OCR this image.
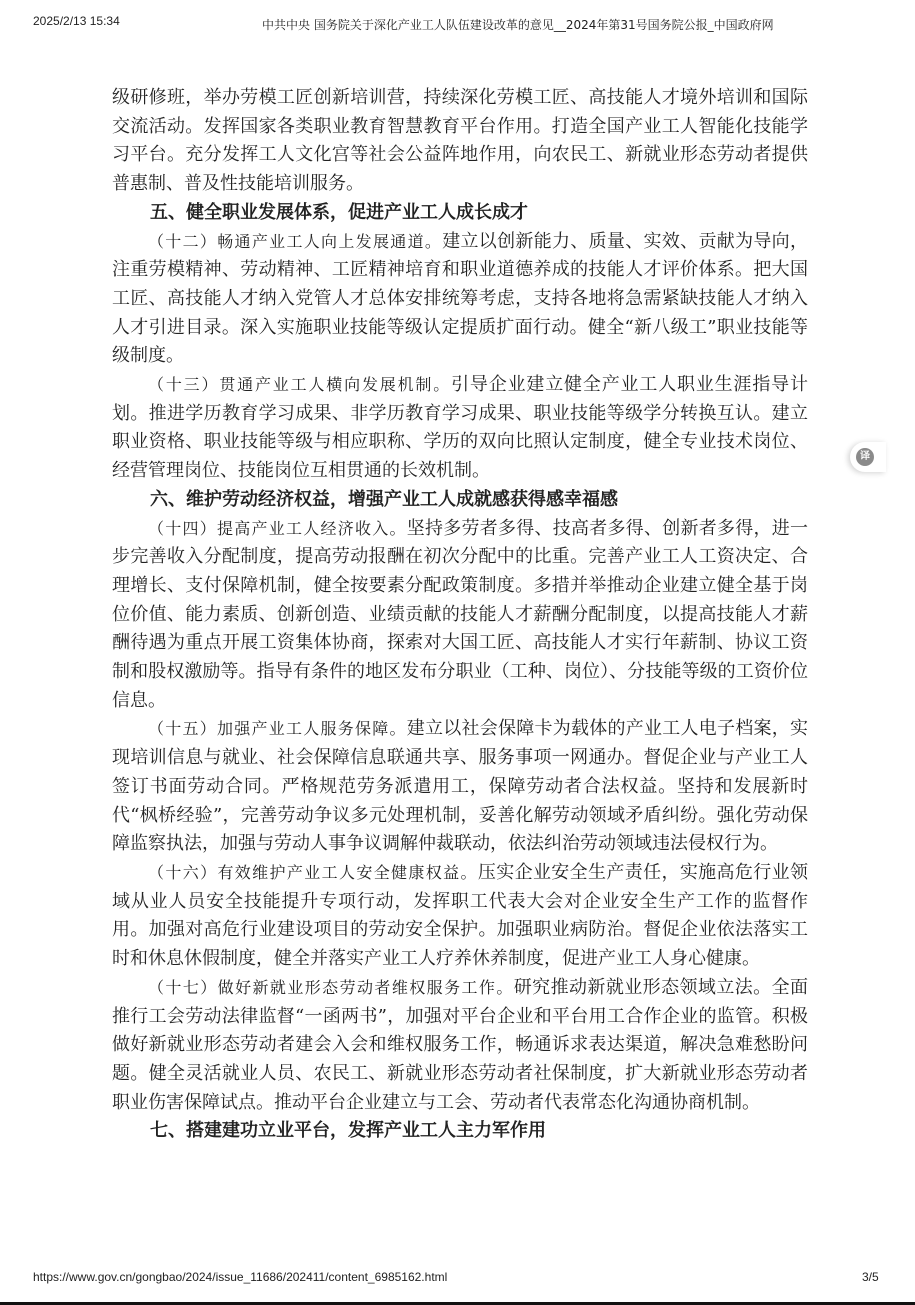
2025/2/13 15:34	中共中央 国务院关于深化产业工人队伍建设改革的意见__2024年第31号国务院公报_中国政府网

级研修班，举办劳模工匠创新培训营，持续深化劳模工匠、高技能人才境外培训和国际交流活动。发挥国家各类职业教育智慧教育平台作用。打造全国产业工人智能化技能学习平台。充分发挥工人文化宫等社会公益阵地作用，向农民工、新就业形态劳动者提供普惠制、普及性技能培训服务。

五、健全职业发展体系，促进产业工人成长成才

（十二）畅通产业工人向上发展通道。建立以创新能力、质量、实效、贡献为导向，注重劳模精神、劳动精神、工匠精神培育和职业道德养成的技能人才评价体系。把大国工匠、高技能人才纳入党管人才总体安排统筹考虑，支持各地将急需紧缺技能人才纳入人才引进目录。深入实施职业技能等级认定提质扩面行动。健全“新八级工”职业技能等级制度。

（十三）贯通产业工人横向发展机制。引导企业建立健全产业工人职业生涯指导计划。推进学历教育学习成果、非学历教育学习成果、职业技能等级学分转换互认。建立职业资格、职业技能等级与相应职称、学历的双向比照认定制度，健全专业技术岗位、经营管理岗位、技能岗位互相贯通的长效机制。

六、维护劳动经济权益，增强产业工人成就感获得感幸福感

（十四）提高产业工人经济收入。坚持多劳者多得、技高者多得、创新者多得，进一步完善收入分配制度，提高劳动报酬在初次分配中的比重。完善产业工人工资决定、合理增长、支付保障机制，健全按要素分配政策制度。多措并举推动企业建立健全基于岗位价值、能力素质、创新创造、业绩贡献的技能人才薪酬分配制度，以提高技能人才薪酬待遇为重点开展工资集体协商，探索对大国工匠、高技能人才实行年薪制、协议工资制和股权激励等。指导有条件的地区发布分职业（工种、岗位）、分技能等级的工资价位信息。

（十五）加强产业工人服务保障。建立以社会保障卡为载体的产业工人电子档案，实现培训信息与就业、社会保障信息联通共享、服务事项一网通办。督促企业与产业工人签订书面劳动合同。严格规范劳务派遣用工，保障劳动者合法权益。坚持和发展新时代“枫桥经验”，完善劳动争议多元处理机制，妥善化解劳动领域矛盾纠纷。强化劳动保障监察执法，加强与劳动人事争议调解仲裁联动，依法纠治劳动领域违法侵权行为。

（十六）有效维护产业工人安全健康权益。压实企业安全生产责任，实施高危行业领域从业人员安全技能提升专项行动，发挥职工代表大会对企业安全生产工作的监督作用。加强对高危行业建设项目的劳动安全保护。加强职业病防治。督促企业依法落实工时和休息休假制度，健全并落实产业工人疗养休养制度，促进产业工人身心健康。

（十七）做好新就业形态劳动者维权服务工作。研究推动新就业形态领域立法。全面推行工会劳动法律监督“一函两书”，加强对平台企业和平台用工合作企业的监管。积极做好新就业形态劳动者建会入会和维权服务工作，畅通诉求表达渠道，解决急难愁盼问题。健全灵活就业人员、农民工、新就业形态劳动者社保制度，扩大新就业形态劳动者职业伤害保障试点。推动平台企业建立与工会、劳动者代表常态化沟通协商机制。

七、搭建建功立业平台，发挥产业工人主力军作用

译
https://www.gov.cn/gongbao/2024/issue_11686/202411/content_6985162.html	3/5
